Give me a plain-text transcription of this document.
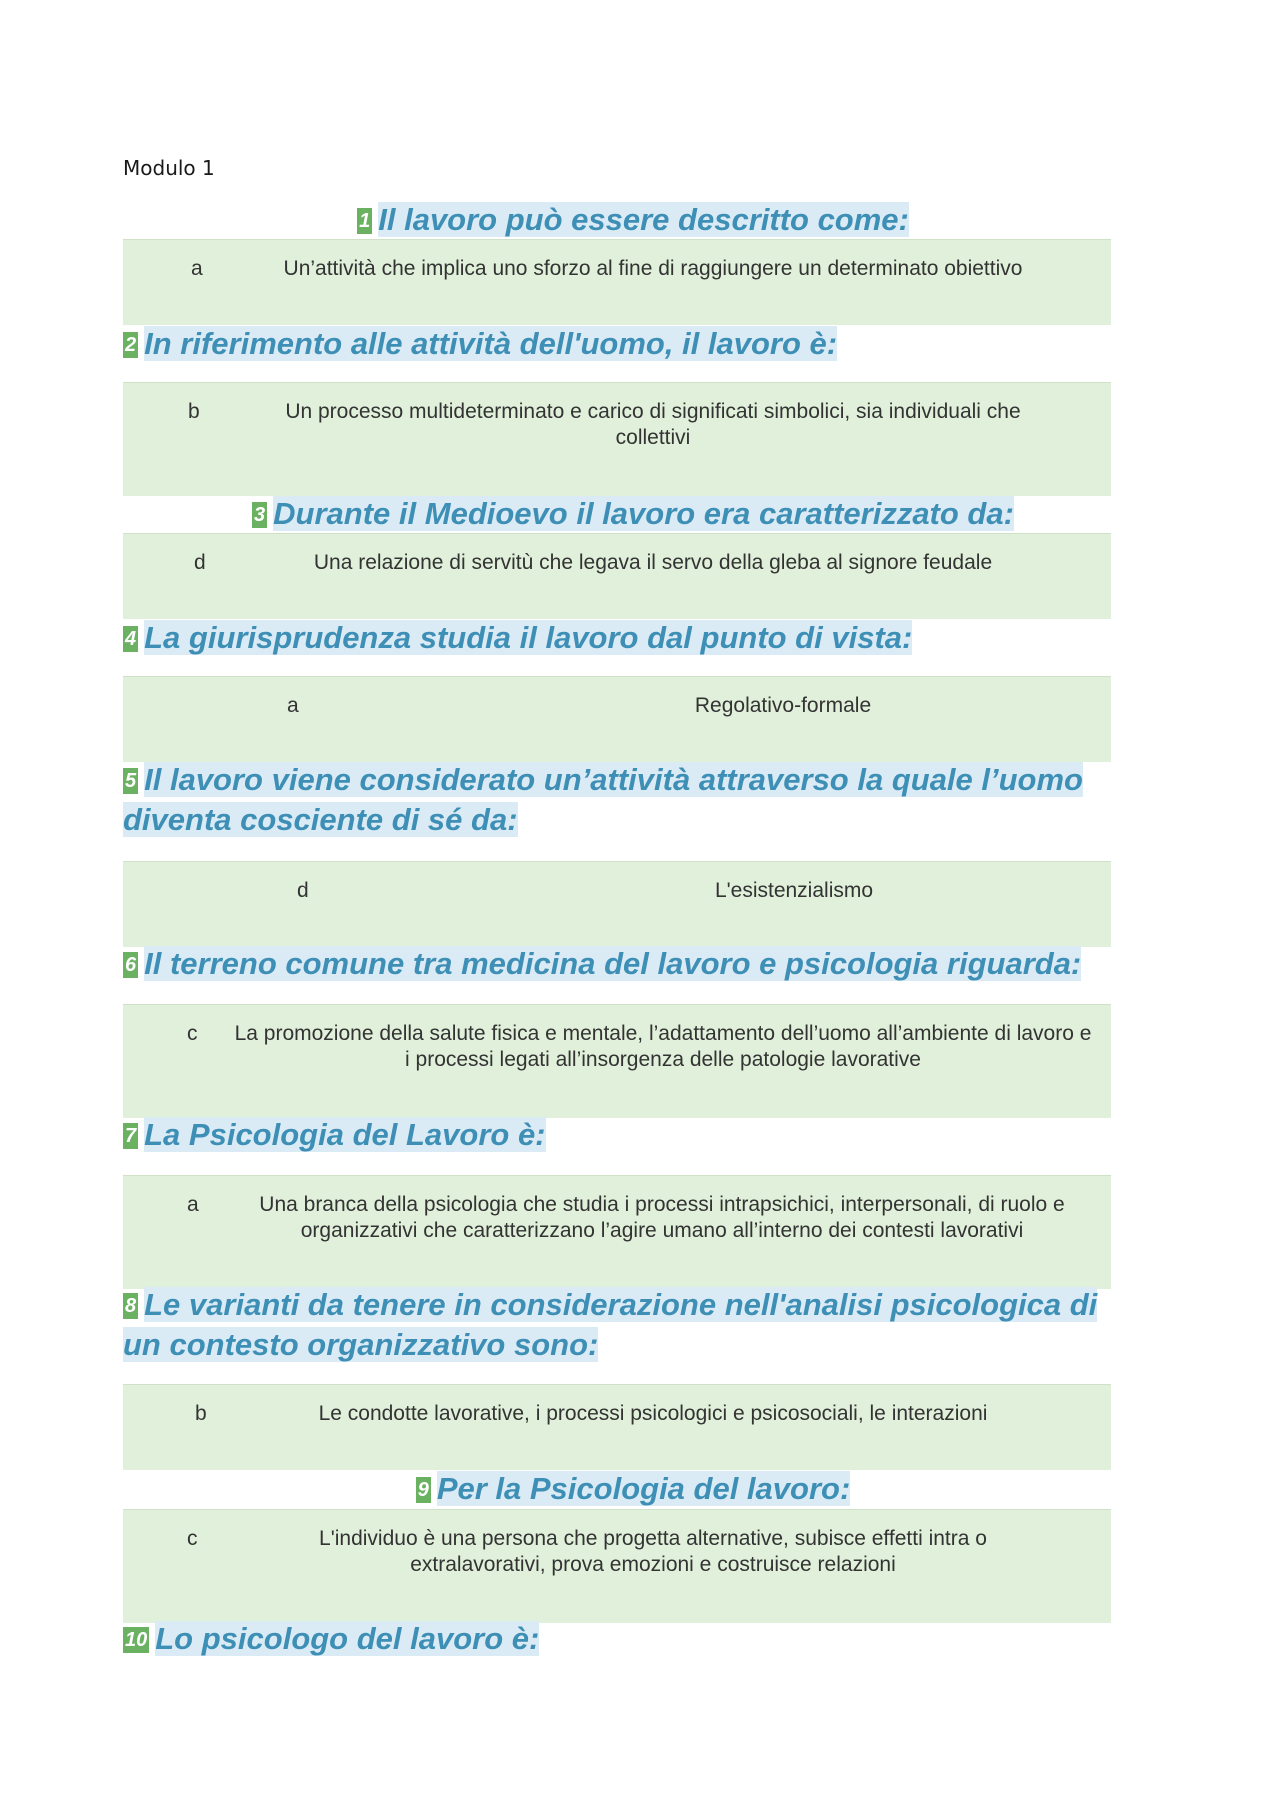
Modulo 1
1 Il lavoro può essere descritto come:
a	Un’attività che implica uno sforzo al fine di raggiungere un determinato obiettivo
2 In riferimento alle attività dell'uomo, il lavoro è:
b	Un processo multideterminato e carico di significati simbolici, sia individuali che collettivi
3 Durante il Medioevo il lavoro era caratterizzato da:
d	Una relazione di servitù che legava il servo della gleba al signore feudale
4 La giurisprudenza studia il lavoro dal punto di vista:
a	Regolativo-formale
5 Il lavoro viene considerato un’attività attraverso la quale l’uomo diventa cosciente di sé da:
d	L'esistenzialismo
6 Il terreno comune tra medicina del lavoro e psicologia riguarda:
c La promozione della salute fisica e mentale, l’adattamento dell’uomo all’ambiente di lavoro e i processi legati all’insorgenza delle patologie lavorative
7 La Psicologia del Lavoro è:
a	Una branca della psicologia che studia i processi intrapsichici, interpersonali, di ruolo e organizzativi che caratterizzano l’agire umano all’interno dei contesti lavorativi
8 Le varianti da tenere in considerazione nell'analisi psicologica di un contesto organizzativo sono:
b	Le condotte lavorative, i processi psicologici e psicosociali, le interazioni
9 Per la Psicologia del lavoro:
c	L'individuo è una persona che progetta alternative, subisce effetti intra o extralavorativi, prova emozioni e costruisce relazioni
10 Lo psicologo del lavoro è:
